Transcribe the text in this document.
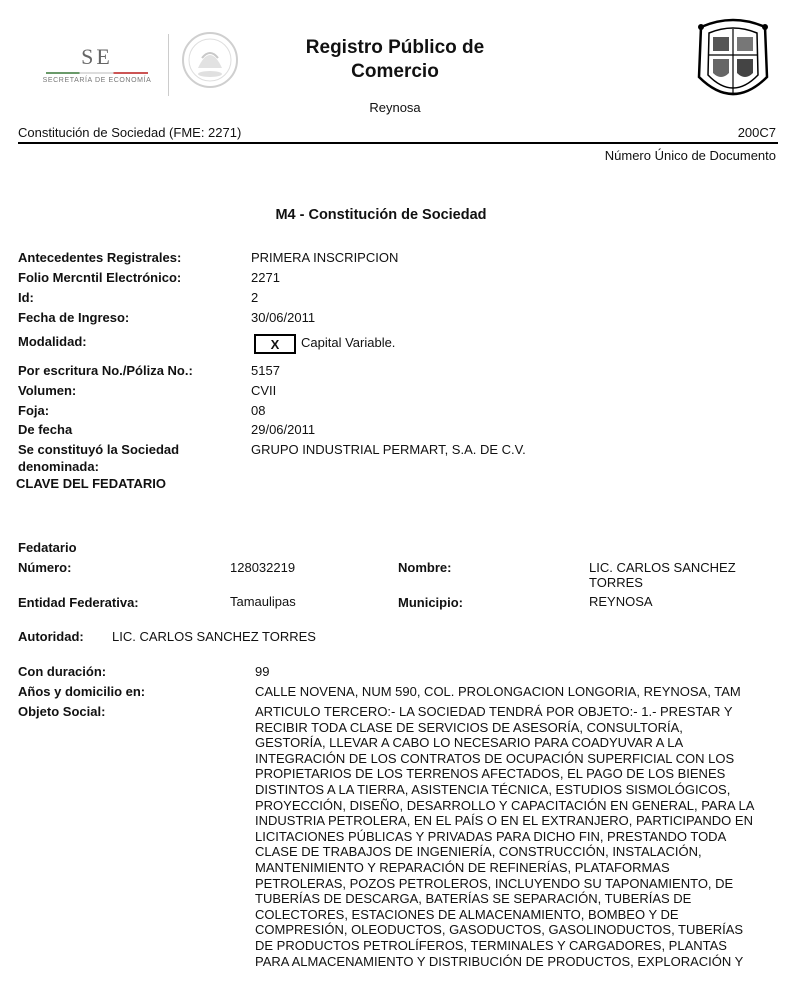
SE
SECRETARÍA DE ECONOMÍA
Registro Público de Comercio
Reynosa
Constitución de Sociedad (FME: 2271)	200C7
Número Único de Documento
M4 - Constitución de Sociedad
Antecedentes Registrales:	PRIMERA INSCRIPCION
Folio Mercntil Electrónico:	2271
Id:	2
Fecha de Ingreso:	30/06/2011
Modalidad:	X	Capital Variable.
Por escritura No./Póliza No.:	5157
Volumen:	CVII
Foja:	08
De fecha	29/06/2011
Se constituyó la Sociedad
denominada:
GRUPO INDUSTRIAL PERMART, S.A. DE C.V.
CLAVE DEL FEDATARIO
Fedatario
Número:	128032219	Nombre:	LIC. CARLOS SANCHEZ
TORRES
Entidad Federativa:	Tamaulipas	Municipio:	REYNOSA
Autoridad: LIC. CARLOS SANCHEZ TORRES
Con duración:	99
Años y domicilio en:	CALLE NOVENA, NUM 590, COL. PROLONGACION LONGORIA, REYNOSA, TAM
Objeto Social:	ARTICULO TERCERO:- LA SOCIEDAD TENDRÁ POR OBJETO:- 1.- PRESTAR Y
RECIBIR TODA CLASE DE SERVICIOS DE ASESORÍA, CONSULTORÍA,
GESTORÍA, LLEVAR A CABO LO NECESARIO PARA COADYUVAR A LA
INTEGRACIÓN DE LOS CONTRATOS DE OCUPACIÓN SUPERFICIAL CON LOS
PROPIETARIOS DE LOS TERRENOS AFECTADOS, EL PAGO DE LOS BIENES
DISTINTOS A LA TIERRA, ASISTENCIA TÉCNICA, ESTUDIOS SISMOLÓGICOS,
PROYECCIÓN, DISEÑO, DESARROLLO Y CAPACITACIÓN EN GENERAL, PARA LA
INDUSTRIA PETROLERA, EN EL PAÍS O EN EL EXTRANJERO, PARTICIPANDO EN
LICITACIONES PÚBLICAS Y PRIVADAS PARA DICHO FIN, PRESTANDO TODA
CLASE DE TRABAJOS DE INGENIERÍA, CONSTRUCCIÓN, INSTALACIÓN,
MANTENIMIENTO Y REPARACIÓN DE REFINERÍAS, PLATAFORMAS
PETROLERAS, POZOS PETROLEROS, INCLUYENDO SU TAPONAMIENTO, DE
TUBERÍAS DE DESCARGA, BATERÍAS SE SEPARACIÓN, TUBERÍAS DE
COLECTORES, ESTACIONES DE ALMACENAMIENTO, BOMBEO Y DE
COMPRESIÓN, OLEODUCTOS, GASODUCTOS, GASOLINODUCTOS, TUBERÍAS
DE PRODUCTOS PETROLÍFEROS, TERMINALES Y CARGADORES, PLANTAS
PARA ALMACENAMIENTO Y DISTRIBUCIÓN DE PRODUCTOS, EXPLORACIÓN Y
